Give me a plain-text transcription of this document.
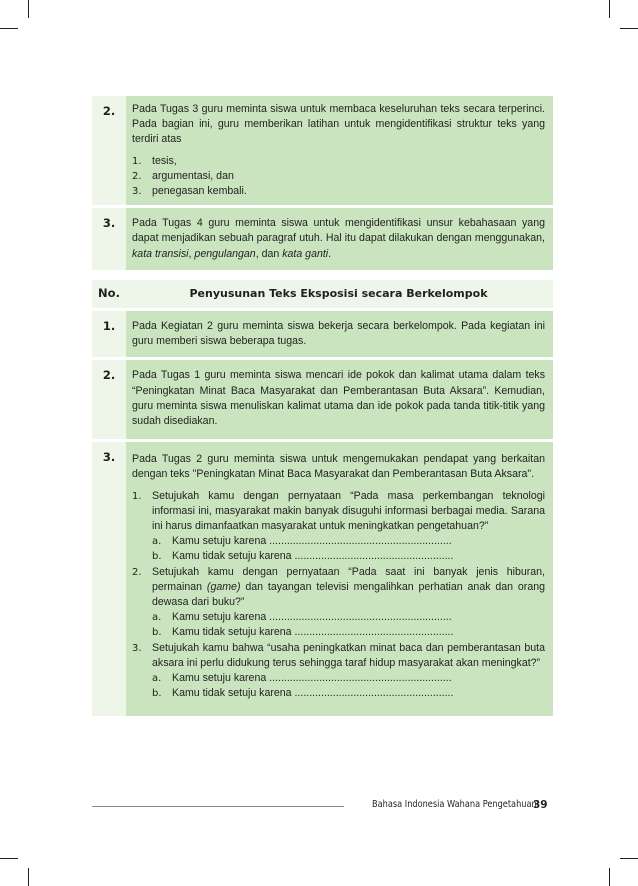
2.	Pada Tugas 3 guru meminta siswa untuk membaca keseluruhan teks secara terperinci. Pada bagian ini, guru memberikan latihan untuk mengidentifikasi struktur teks yang terdiri atas

1. tesis,
2. argumentasi, dan
3. penegasan kembali.
3.	Pada Tugas 4 guru meminta siswa untuk mengidentifikasi unsur kebahasaan yang dapat menjadikan sebuah paragraf utuh. Hal itu dapat dilakukan dengan menggunakan, kata transisi, pengulangan, dan kata ganti.

No.	Penyusunan Teks Eksposisi secara Berkelompok
1.	Pada Kegiatan 2 guru meminta siswa bekerja secara berkelompok. Pada kegiatan ini guru memberi siswa beberapa tugas.

2.	Pada Tugas 1 guru meminta siswa mencari ide pokok dan kalimat utama dalam teks “Peningkatan Minat Baca Masyarakat dan Pemberantasan Buta Aksara”. Kemudian, guru meminta siswa menuliskan kalimat utama dan ide pokok pada tanda titik-titik yang sudah disediakan.

3.	Pada Tugas 2 guru meminta siswa untuk mengemukakan pendapat yang berkaitan dengan teks "Peningkatan Minat Baca Masyarakat dan Pemberantasan Buta Aksara".

1. Setujukah kamu dengan pernyataan “Pada masa perkembangan teknologi informasi ini, masyarakat makin banyak disuguhi informasi berbagai media. Sarana ini harus dimanfaatkan masyarakat untuk meningkatkan pengetahuan?”

a.	Kamu setuju karena ..............................................................
b. Kamu tidak setuju karena ......................................................
2. Setujukah kamu dengan pernyataan “Pada saat ini banyak jenis hiburan, permainan (game) dan tayangan televisi mengalihkan perhatian anak dan orang dewasa dari buku?”

a.	Kamu setuju karena ..............................................................
b. Kamu tidak setuju karena ......................................................
3. Setujukah kamu bahwa “usaha peningkatkan minat baca dan pemberantasan buta aksara ini perlu didukung terus sehingga taraf hidup masyarakat akan meningkat?”

a.	Kamu setuju karena ..............................................................
b. Kamu tidak setuju karena ......................................................
Bahasa Indonesia Wahana Pengetahuan
39
